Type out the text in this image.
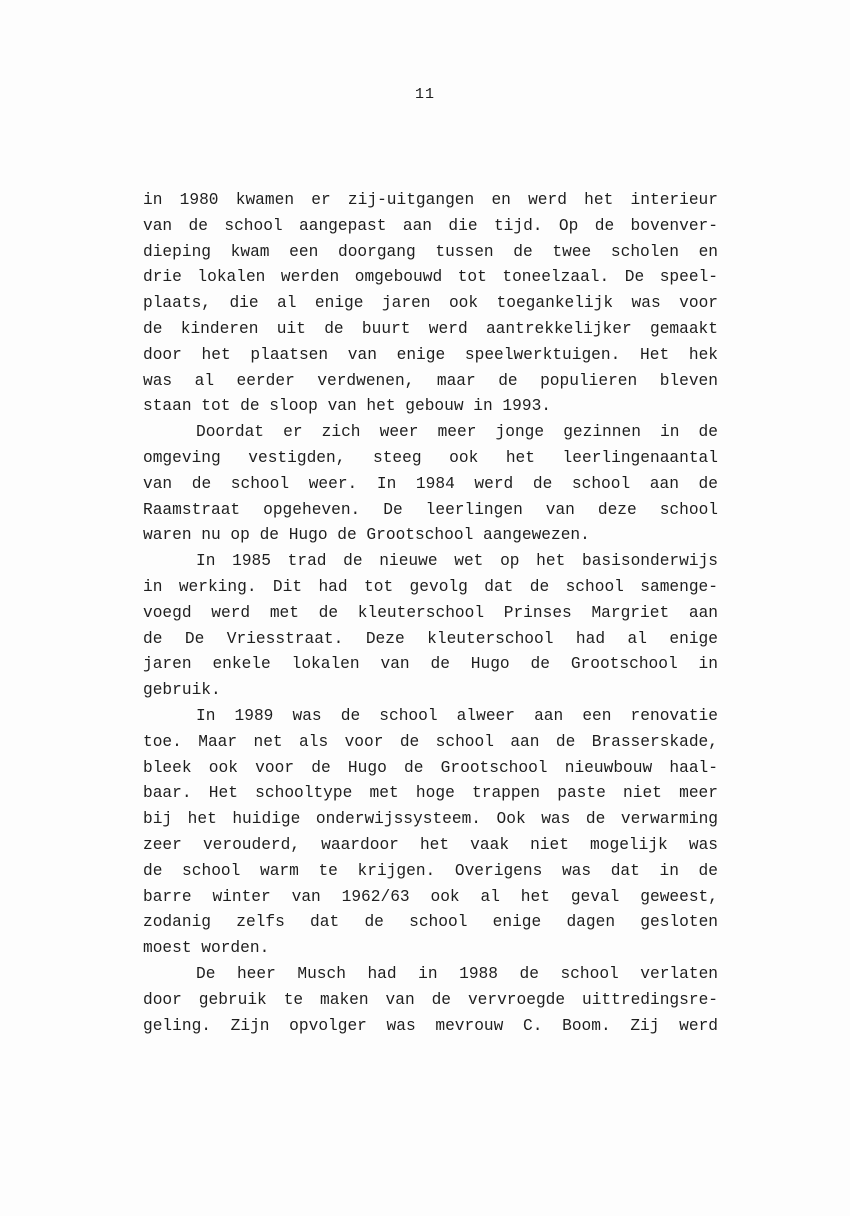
11
in 1980 kwamen er zij-uitgangen en werd het interieur
van de school aangepast aan die tijd. Op de bovenver-
dieping kwam een doorgang tussen de twee scholen en
drie lokalen werden omgebouwd tot toneelzaal. De speel-
plaats, die al enige jaren ook toegankelijk was voor
de kinderen uit de buurt werd aantrekkelijker gemaakt
door het plaatsen van enige speelwerktuigen. Het hek
was al eerder verdwenen, maar de populieren bleven
staan tot de sloop van het gebouw in 1993.
Doordat er zich weer meer jonge gezinnen in de
omgeving vestigden, steeg ook het leerlingenaantal
van de school weer. In 1984 werd de school aan de
Raamstraat opgeheven. De leerlingen van deze school
waren nu op de Hugo de Grootschool aangewezen.
In 1985 trad de nieuwe wet op het basisonderwijs
in werking. Dit had tot gevolg dat de school samenge-
voegd werd met de kleuterschool Prinses Margriet aan
de De Vriesstraat. Deze kleuterschool had al enige
jaren enkele lokalen van de Hugo de Grootschool in
gebruik.
In 1989 was de school alweer aan een renovatie
toe. Maar net als voor de school aan de Brasserskade,
bleek ook voor de Hugo de Grootschool nieuwbouw haal-
baar. Het schooltype met hoge trappen paste niet meer
bij het huidige onderwijssysteem. Ook was de verwarming
zeer verouderd, waardoor het vaak niet mogelijk was
de school warm te krijgen. Overigens was dat in de
barre winter van 1962/63 ook al het geval geweest,
zodanig zelfs dat de school enige dagen gesloten
moest worden.
De heer Musch had in 1988 de school verlaten
door gebruik te maken van de vervroegde uittredingsre-
geling. Zijn opvolger was mevrouw C. Boom. Zij werd
